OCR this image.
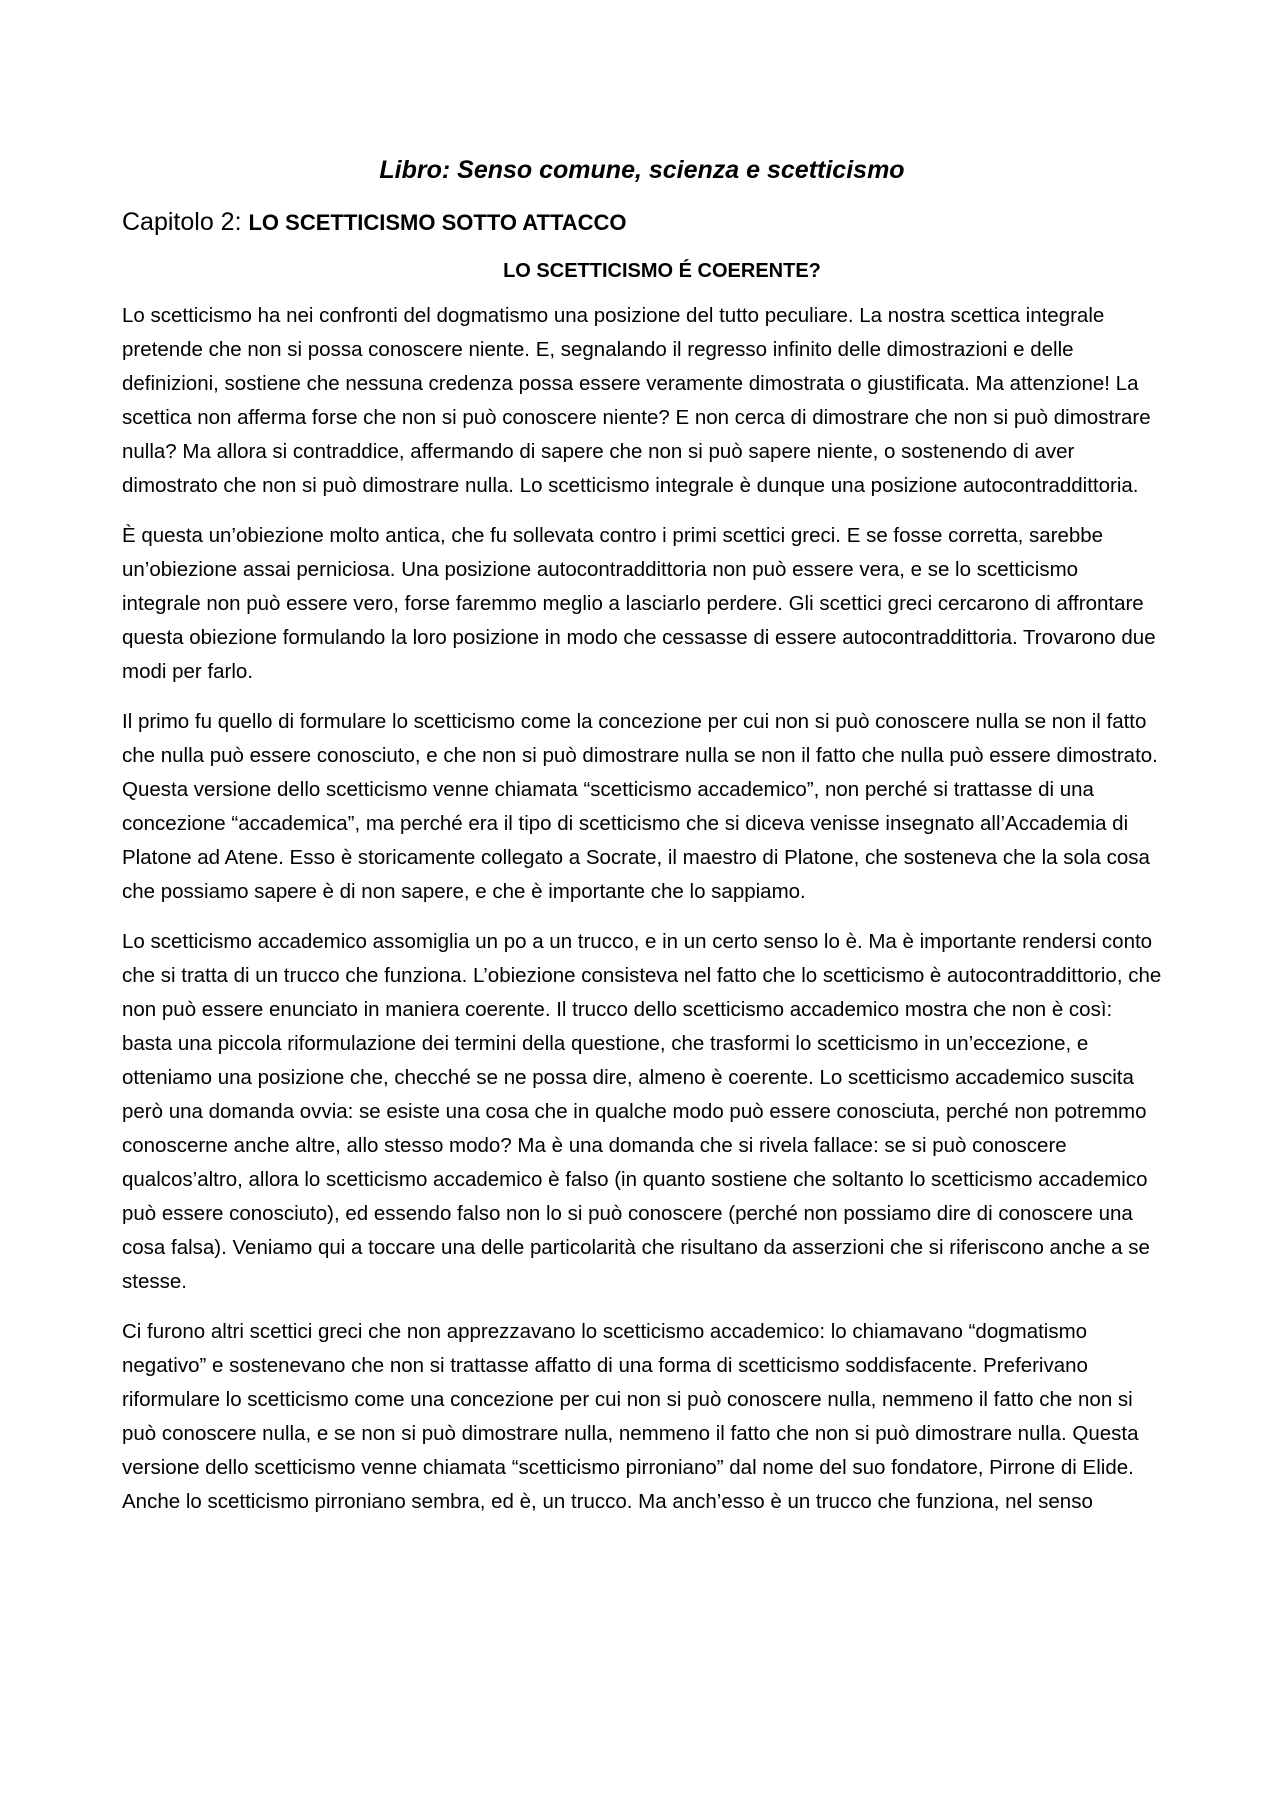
Libro: Senso comune, scienza e scetticismo
Capitolo 2: LO SCETTICISMO SOTTO ATTACCO
LO SCETTICISMO É COERENTE?

Lo scetticismo ha nei confronti del dogmatismo una posizione del tutto peculiare. La nostra scettica integrale pretende che non si possa conoscere niente. E, segnalando il regresso infinito delle dimostrazioni e delle definizioni, sostiene che nessuna credenza possa essere veramente dimostrata o giustificata. Ma attenzione! La scettica non afferma forse che non si può conoscere niente? E non cerca di dimostrare che non si può dimostrare nulla? Ma allora si contraddice, affermando di sapere che non si può sapere niente, o sostenendo di aver dimostrato che non si può dimostrare nulla. Lo scetticismo integrale è dunque una posizione autocontraddittoria.

È questa un’obiezione molto antica, che fu sollevata contro i primi scettici greci. E se fosse corretta, sarebbe un’obiezione assai perniciosa. Una posizione autocontraddittoria non può essere vera, e se lo scetticismo integrale non può essere vero, forse faremmo meglio a lasciarlo perdere. Gli scettici greci cercarono di affrontare questa obiezione formulando la loro posizione in modo che cessasse di essere autocontraddittoria. Trovarono due modi per farlo.

Il primo fu quello di formulare lo scetticismo come la concezione per cui non si può conoscere nulla se non il fatto che nulla può essere conosciuto, e che non si può dimostrare nulla se non il fatto che nulla può essere dimostrato. Questa versione dello scetticismo venne chiamata “scetticismo accademico”, non perché si trattasse di una concezione “accademica”, ma perché era il tipo di scetticismo che si diceva venisse insegnato all’Accademia di Platone ad Atene. Esso è storicamente collegato a Socrate, il maestro di Platone, che sosteneva che la sola cosa che possiamo sapere è di non sapere, e che è importante che lo sappiamo.

Lo scetticismo accademico assomiglia un po a un trucco, e in un certo senso lo è. Ma è importante rendersi conto che si tratta di un trucco che funziona. L’obiezione consisteva nel fatto che lo scetticismo è autocontraddittorio, che non può essere enunciato in maniera coerente. Il trucco dello scetticismo accademico mostra che non è così: basta una piccola riformulazione dei termini della questione, che trasformi lo scetticismo in un’eccezione, e otteniamo una posizione che, checché se ne possa dire, almeno è coerente. Lo scetticismo accademico suscita però una domanda ovvia: se esiste una cosa che in qualche modo può essere conosciuta, perché non potremmo conoscerne anche altre, allo stesso modo? Ma è una domanda che si rivela fallace: se si può conoscere qualcos’altro, allora lo scetticismo accademico è falso (in quanto sostiene che soltanto lo scetticismo accademico può essere conosciuto), ed essendo falso non lo si può conoscere (perché non possiamo dire di conoscere una cosa falsa). Veniamo qui a toccare una delle particolarità che risultano da asserzioni che si riferiscono anche a se stesse.

Ci furono altri scettici greci che non apprezzavano lo scetticismo accademico: lo chiamavano “dogmatismo negativo” e sostenevano che non si trattasse affatto di una forma di scetticismo soddisfacente. Preferivano riformulare lo scetticismo come una concezione per cui non si può conoscere nulla, nemmeno il fatto che non si può conoscere nulla, e se non si può dimostrare nulla, nemmeno il fatto che non si può dimostrare nulla. Questa versione dello scetticismo venne chiamata “scetticismo pirroniano” dal nome del suo fondatore, Pirrone di Elide. Anche lo scetticismo pirroniano sembra, ed è, un trucco. Ma anch’esso è un trucco che funziona, nel senso
